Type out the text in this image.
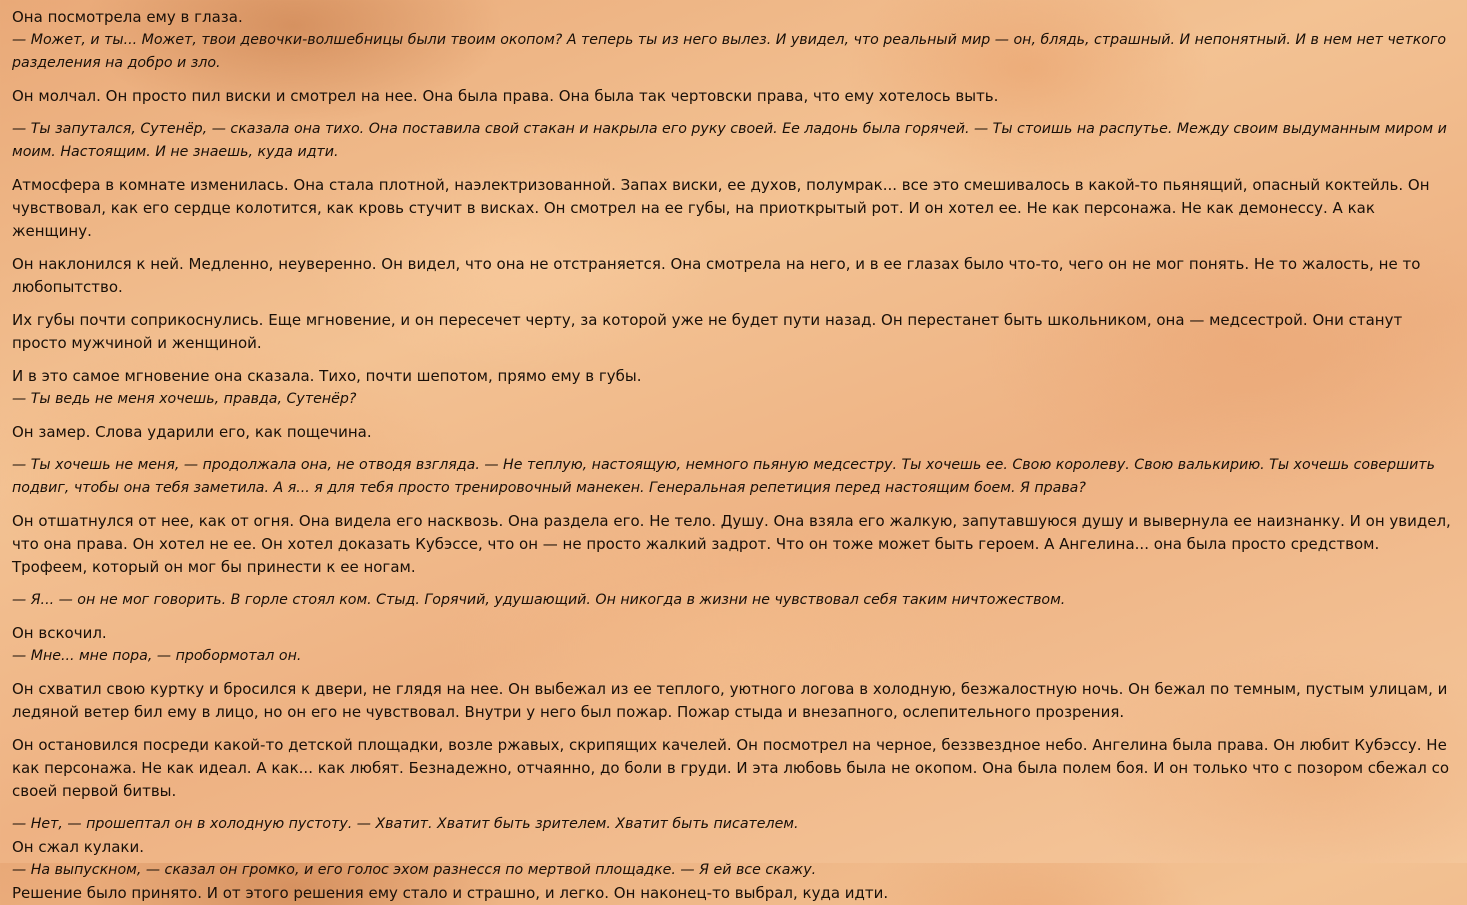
Она посмотрела ему в глаза.
— Может, и ты... Может, твои девочки-волшебницы были твоим окопом? А теперь ты из него вылез. И увидел, что реальный мир — он, блядь, страшный. И непонятный. И в нем нет четкого разделения на добро и зло.
Он молчал. Он просто пил виски и смотрел на нее. Она была права. Она была так чертовски права, что ему хотелось выть.
— Ты запутался, Сутенёр, — сказала она тихо. Она поставила свой стакан и накрыла его руку своей. Ее ладонь была горячей. — Ты стоишь на распутье. Между своим выдуманным миром и моим. Настоящим. И не знаешь, куда идти.
Атмосфера в комнате изменилась. Она стала плотной, наэлектризованной. Запах виски, ее духов, полумрак... все это смешивалось в какой-то пьянящий, опасный коктейль. Он чувствовал, как его сердце колотится, как кровь стучит в висках. Он смотрел на ее губы, на приоткрытый рот. И он хотел ее. Не как персонажа. Не как демонессу. А как женщину.
Он наклонился к ней. Медленно, неуверенно. Он видел, что она не отстраняется. Она смотрела на него, и в ее глазах было что-то, чего он не мог понять. Не то жалость, не то любопытство.
Их губы почти соприкоснулись. Еще мгновение, и он пересечет черту, за которой уже не будет пути назад. Он перестанет быть школьником, она — медсестрой. Они станут просто мужчиной и женщиной.
И в это самое мгновение она сказала. Тихо, почти шепотом, прямо ему в губы.
— Ты ведь не меня хочешь, правда, Сутенёр?
Он замер. Слова ударили его, как пощечина.
— Ты хочешь не меня, — продолжала она, не отводя взгляда. — Не теплую, настоящую, немного пьяную медсестру. Ты хочешь ее. Свою королеву. Свою валькирию. Ты хочешь совершить подвиг, чтобы она тебя заметила. А я... я для тебя просто тренировочный манекен. Генеральная репетиция перед настоящим боем. Я права?
Он отшатнулся от нее, как от огня. Она видела его насквозь. Она раздела его. Не тело. Душу. Она взяла его жалкую, запутавшуюся душу и вывернула ее наизнанку. И он увидел, что она права. Он хотел не ее. Он хотел доказать Кубэссе, что он — не просто жалкий задрот. Что он тоже может быть героем. А Ангелина... она была просто средством. Трофеем, который он мог бы принести к ее ногам.
— Я... — он не мог говорить. В горле стоял ком. Стыд. Горячий, удушающий. Он никогда в жизни не чувствовал себя таким ничтожеством.
Он вскочил.
— Мне... мне пора, — пробормотал он.
Он схватил свою куртку и бросился к двери, не глядя на нее. Он выбежал из ее теплого, уютного логова в холодную, безжалостную ночь. Он бежал по темным, пустым улицам, и ледяной ветер бил ему в лицо, но он его не чувствовал. Внутри у него был пожар. Пожар стыда и внезапного, ослепительного прозрения.
Он остановился посреди какой-то детской площадки, возле ржавых, скрипящих качелей. Он посмотрел на черное, беззвездное небо. Ангелина была права. Он любит Кубэссу. Не как персонажа. Не как идеал. А как... как любят. Безнадежно, отчаянно, до боли в груди. И эта любовь была не окопом. Она была полем боя. И он только что с позором сбежал со своей первой битвы.
— Нет, — прошептал он в холодную пустоту. — Хватит. Хватит быть зрителем. Хватит быть писателем.
Он сжал кулаки.
— На выпускном, — сказал он громко, и его голос эхом разнесся по мертвой площадке. — Я ей все скажу.
Решение было принято. И от этого решения ему стало и страшно, и легко. Он наконец-то выбрал, куда идти.
